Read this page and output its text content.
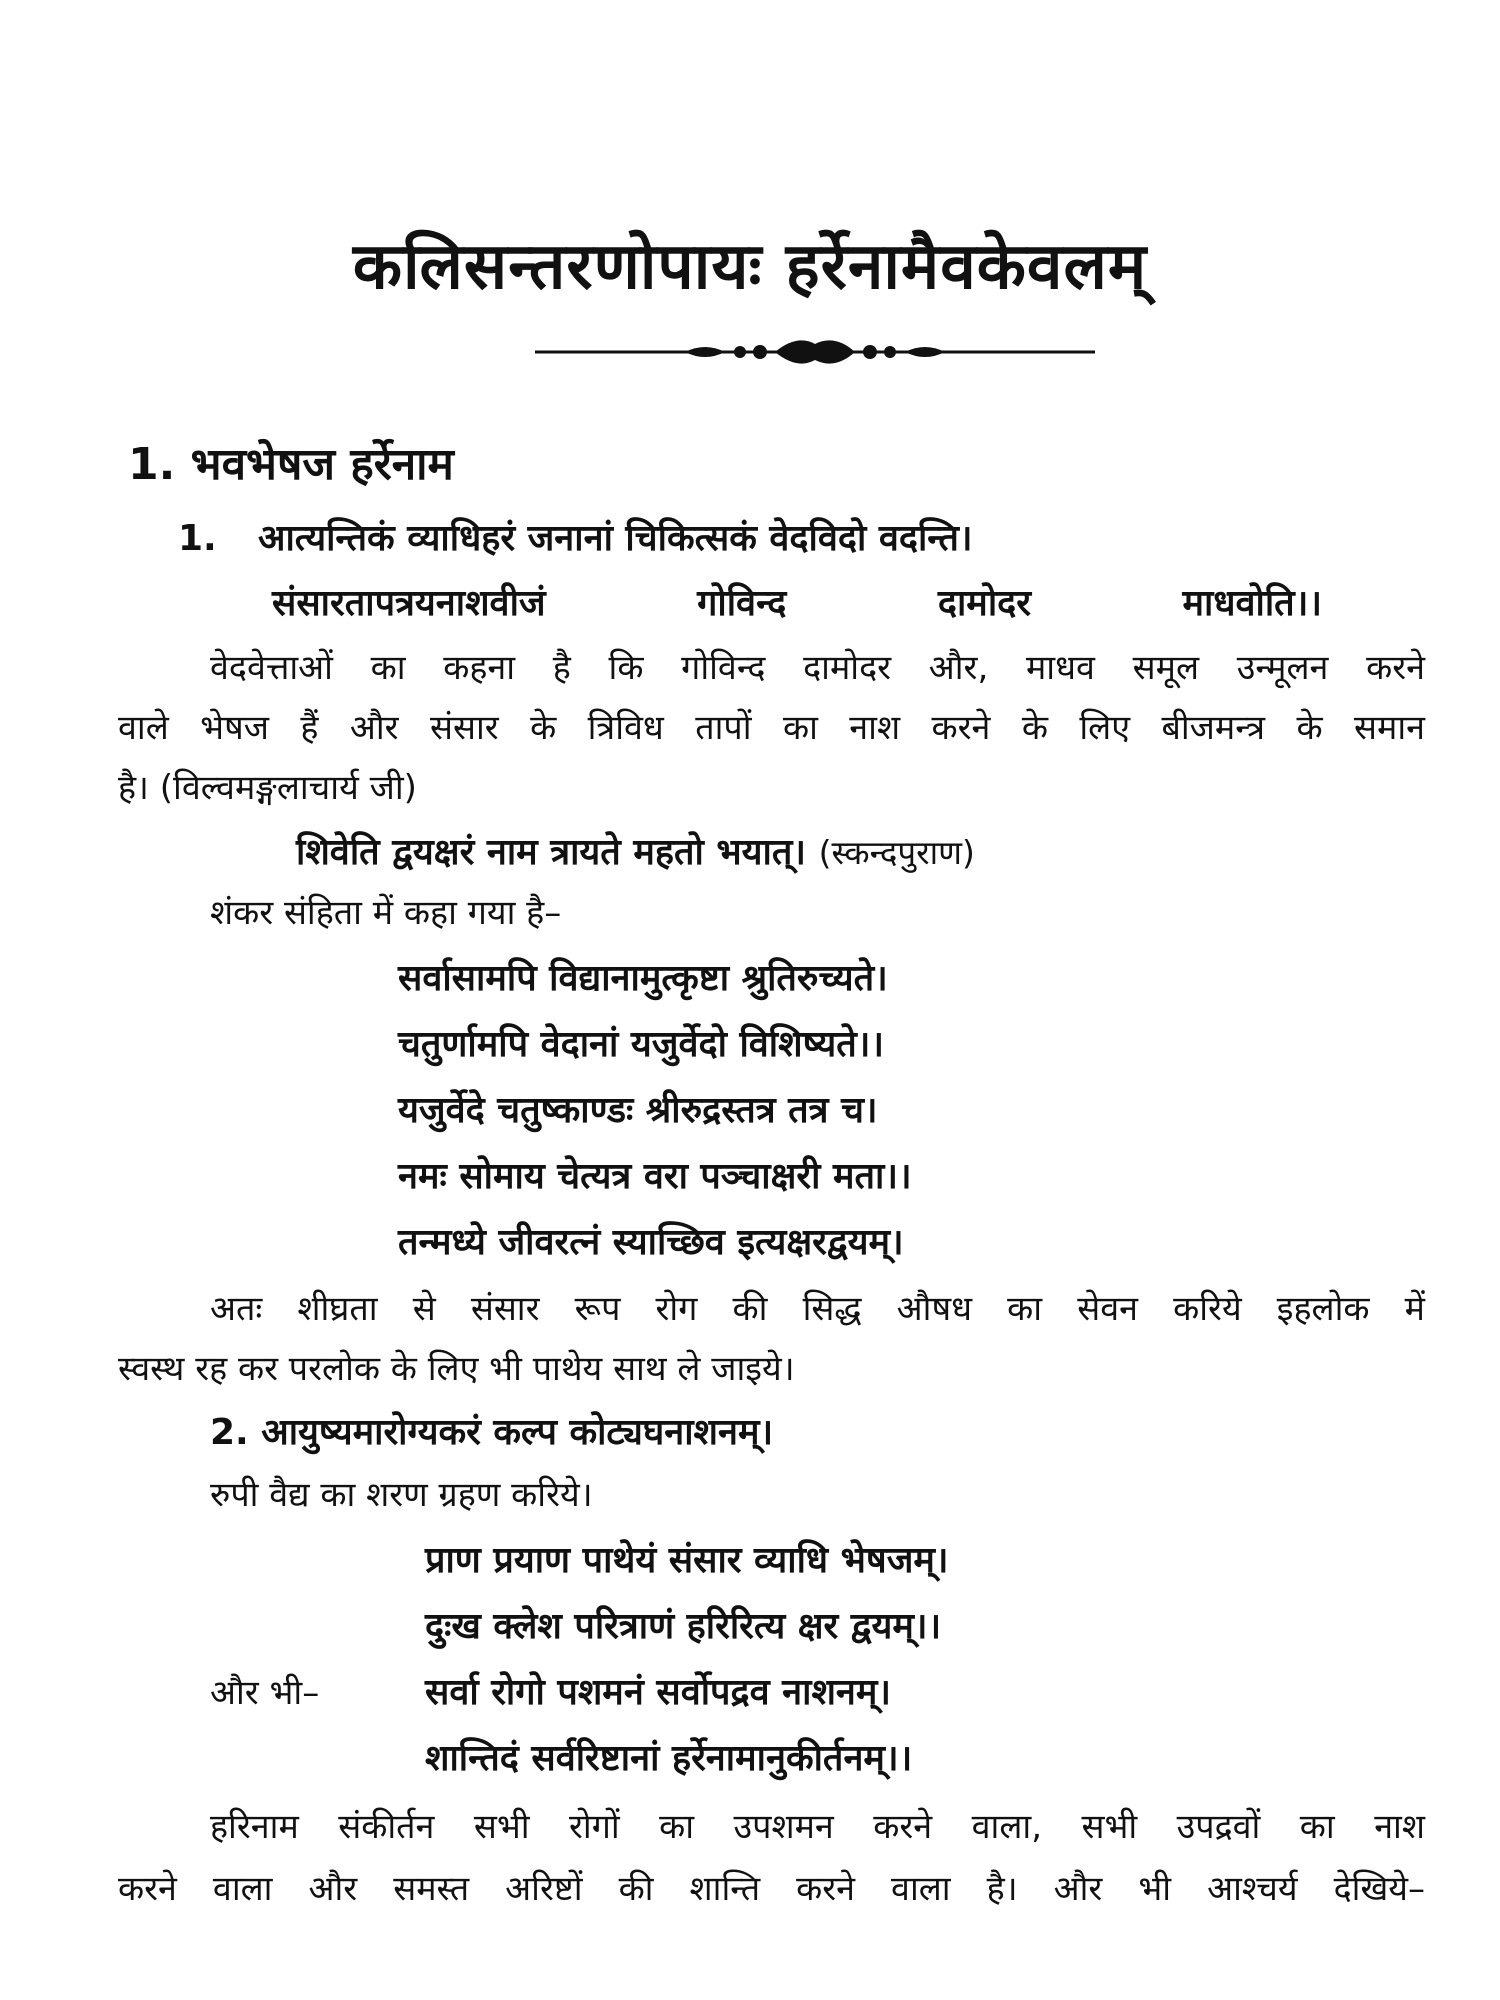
कलिसन्तरणोपायः हर्रेनामैवकेवलम्
1. भवभेषज हर्रेनाम
1. आत्यन्तिकं व्याधिहरं जनानां चिकित्सकं वेदविदो वदन्ति।
संसारतापत्रयनाशवीजं	गोविन्द	दामोदर	माधवोति।।
वेदवेत्ताओं का कहना है कि गोविन्द दामोदर और, माधव समूल उन्मूलन करने
वाले भेषज हैं और संसार के त्रिविध तापों का नाश करने के लिए बीजमन्त्र के समान
है। (विल्वमङ्गलाचार्य जी)
शिवेति द्वयक्षरं नाम त्रायते महतो भयात्। (स्कन्दपुराण)
शंकर संहिता में कहा गया है–
सर्वासामपि विद्यानामुत्कृष्टा श्रुतिरुच्यते।
चतुर्णामपि वेदानां यजुर्वेदो विशिष्यते।।
यजुर्वेदे चतुष्काण्डः श्रीरुद्रस्तत्र तत्र च।
नमः सोमाय चेत्यत्र वरा पञ्चाक्षरी मता।।
तन्मध्ये जीवरत्नं स्याच्छिव इत्यक्षरद्वयम्।
अतः शीघ्रता से संसार रूप रोग की सिद्ध औषध का सेवन करिये इहलोक में
स्वस्थ रह कर परलोक के लिए भी पाथेय साथ ले जाइये।
2. आयुष्यमारोग्यकरं कल्प कोट्यघनाशनम्।
रुपी वैद्य का शरण ग्रहण करिये।
प्राण प्रयाण पाथेयं संसार व्याधि भेषजम्।
दुःख क्लेश परित्राणं हरिरित्य क्षर द्वयम्।।
और भी–	सर्वा रोगो पशमनं सर्वोपद्रव नाशनम्।
शान्तिदं सर्वरिष्टानां हर्रेनामानुकीर्तनम्।।
हरिनाम संकीर्तन सभी रोगों का उपशमन करने वाला, सभी उपद्रवों का नाश
करने वाला और समस्त अरिष्टों की शान्ति करने वाला है। और भी आश्चर्य देखिये–
